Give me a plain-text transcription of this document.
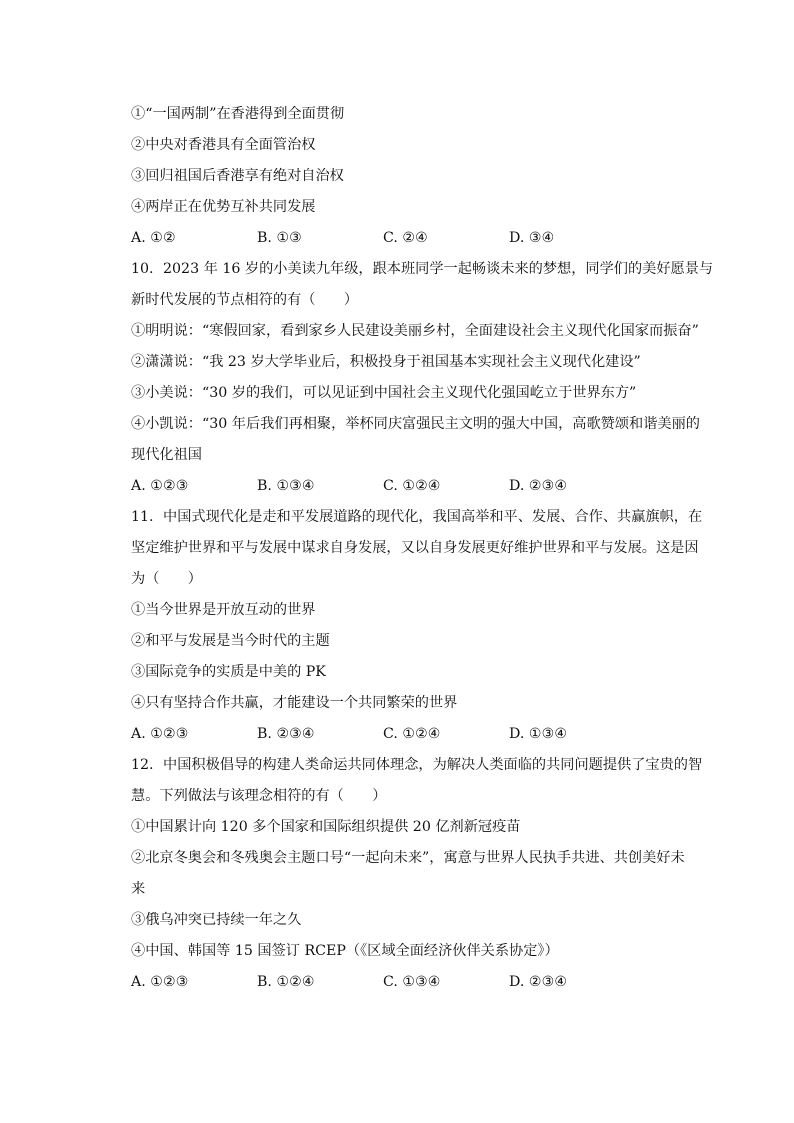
①“一国两制”在香港得到全面贯彻
②中央对香港具有全面管治权
③回归祖国后香港享有绝对自治权
④两岸正在优势互补共同发展
A. ①②	B. ①③	C. ②④	D. ③④
10. 2023 年 16 岁的小美读九年级，跟本班同学一起畅谈未来的梦想，同学们的美好愿景与
新时代发展的节点相符的有（　　）
①明明说：“寒假回家，看到家乡人民建设美丽乡村，全面建设社会主义现代化国家而振奋”
②潇潇说：“我 23 岁大学毕业后，积极投身于祖国基本实现社会主义现代化建设”
③小美说：“30 岁的我们，可以见证到中国社会主义现代化强国屹立于世界东方”
④小凯说：“30 年后我们再相聚，举杯同庆富强民主文明的强大中国，高歌赞颂和谐美丽的
现代化祖国
A. ①②③	B. ①③④	C. ①②④	D. ②③④
11. 中国式现代化是走和平发展道路的现代化，我国高举和平、发展、合作、共赢旗帜，在
坚定维护世界和平与发展中谋求自身发展，又以自身发展更好维护世界和平与发展。这是因
为（　　）
①当今世界是开放互动的世界
②和平与发展是当今时代的主题
③国际竞争的实质是中美的 PK
④只有坚持合作共赢，才能建设一个共同繁荣的世界
A. ①②③	B. ②③④	C. ①②④	D. ①③④
12. 中国积极倡导的构建人类命运共同体理念，为解决人类面临的共同问题提供了宝贵的智
慧。下列做法与该理念相符的有（　　）
①中国累计向 120 多个国家和国际组织提供 20 亿剂新冠疫苗
②北京冬奥会和冬残奥会主题口号“一起向未来”，寓意与世界人民执手共进、共创美好未
来
③俄乌冲突已持续一年之久
④中国、韩国等 15 国签订 RCEP（《区域全面经济伙伴关系协定》）
A. ①②③	B. ①②④	C. ①③④	D. ②③④
